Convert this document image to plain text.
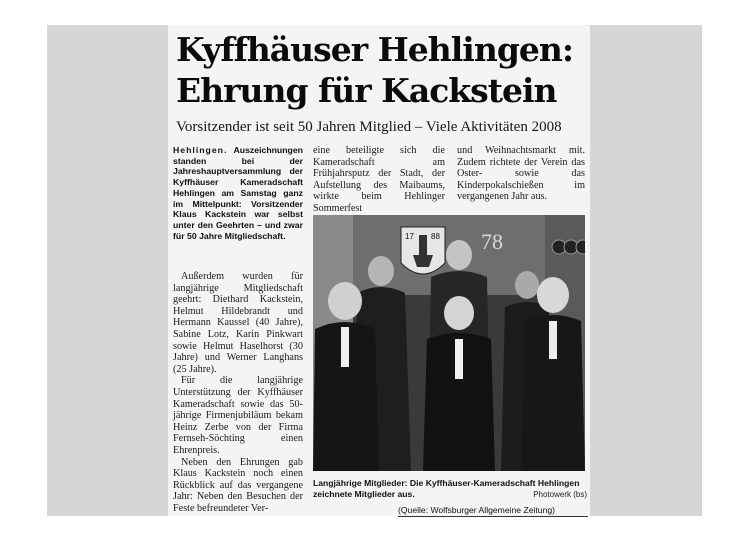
Kyffhäuser Hehlingen:
Ehrung für Kackstein
Vorsitzender ist seit 50 Jahren Mitglied – Viele Aktivitäten 2008

Hehlingen. Auszeichnungen standen bei der Jahreshauptversammlung der Kyffhäuser Kameradschaft Hehlingen am Samstag ganz im Mittelpunkt: Vorsitzender Klaus Kackstein war selbst unter den Geehrten – und zwar für 50 Jahre Mitgliedschaft.

Außerdem wurden für langjährige Mitgliedschaft geehrt: Diethard Kackstein, Helmut Hildebrandt und Hermann Kaussel (40 Jahre), Sabine Lotz, Karin Pinkwart sowie Helmut Haselhorst (30 Jahre) und Werner Langhans (25 Jahre).

Für die langjährige Unterstützung der Kyffhäuser Kameradschaft sowie das 50-jährige Firmenjubiläum bekam Heinz Zerbe von der Firma Fernseh-Söchting einen Ehrenpreis.

Neben den Ehrungen gab Klaus Kackstein noch einen Rückblick auf das vergangene Jahr: Neben den Besuchen der Feste befreundeter Ver-

eine beteiligte sich die Kameradschaft am Frühjahrsputz der Stadt, der Aufstellung des Maibaums, wirkte beim Hehlinger Sommerfest

und Weihnachtsmarkt mit. Zudem richtete der Verein das Oster- sowie das Kinderpokalschießen im vergangenen Jahr aus.

17 88 78
Langjährige Mitglieder: Die Kyffhäuser-Kameradschaft Hehlingen zeichnete Mitglieder aus.	Photowerk (bs)
(Quelle: Wolfsburger Allgemeine Zeitung)
